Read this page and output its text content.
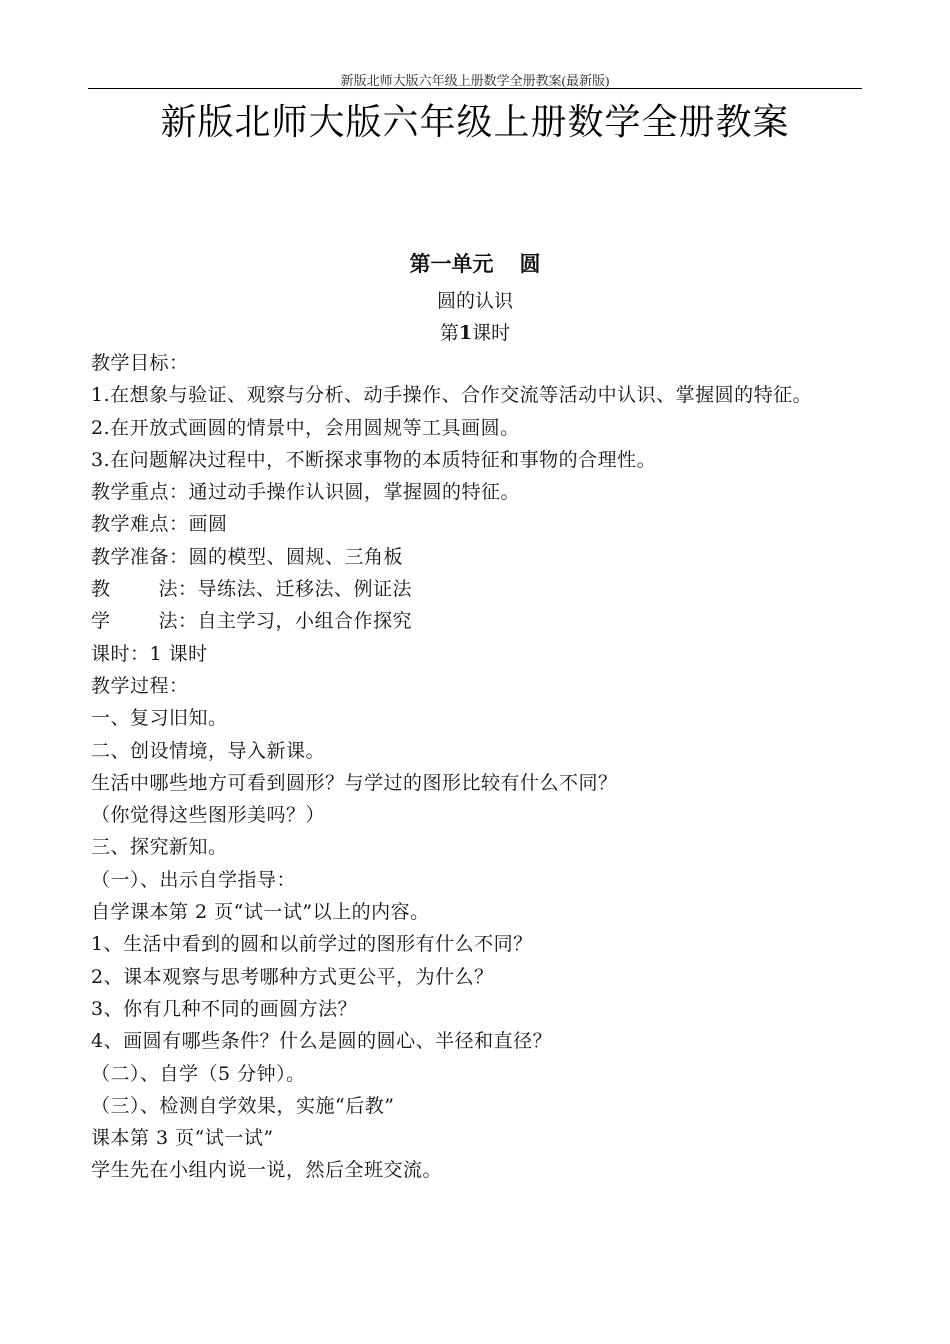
新版北师大版六年级上册数学全册教案(最新版)
新版北师大版六年级上册数学全册教案
第一单元 圆
圆的认识
第1课时

教学目标：

1.在想象与验证、观察与分析、动手操作、合作交流等活动中认识、掌握圆的特征。

2.在开放式画圆的情景中，会用圆规等工具画圆。

3.在问题解决过程中，不断探求事物的本质特征和事物的合理性。

教学重点：通过动手操作认识圆，掌握圆的特征。

教学难点：画圆

教学准备：圆的模型、圆规、三角板

教	法：导练法、迁移法、例证法

学	法：自主学习，小组合作探究

课时：1 课时

教学过程：

一、复习旧知。

二、创设情境，导入新课。

生活中哪些地方可看到圆形？与学过的图形比较有什么不同？

（你觉得这些图形美吗？）

三、探究新知。

（一）、出示自学指导：

自学课本第 2 页“试一试”以上的内容。

1、生活中看到的圆和以前学过的图形有什么不同？

2、课本观察与思考哪种方式更公平，为什么？

3、你有几种不同的画圆方法？

4、画圆有哪些条件？什么是圆的圆心、半径和直径？

（二）、自学（5 分钟）。

（三）、检测自学效果，实施“后教”

课本第 3 页“试一试”

学生先在小组内说一说，然后全班交流。
